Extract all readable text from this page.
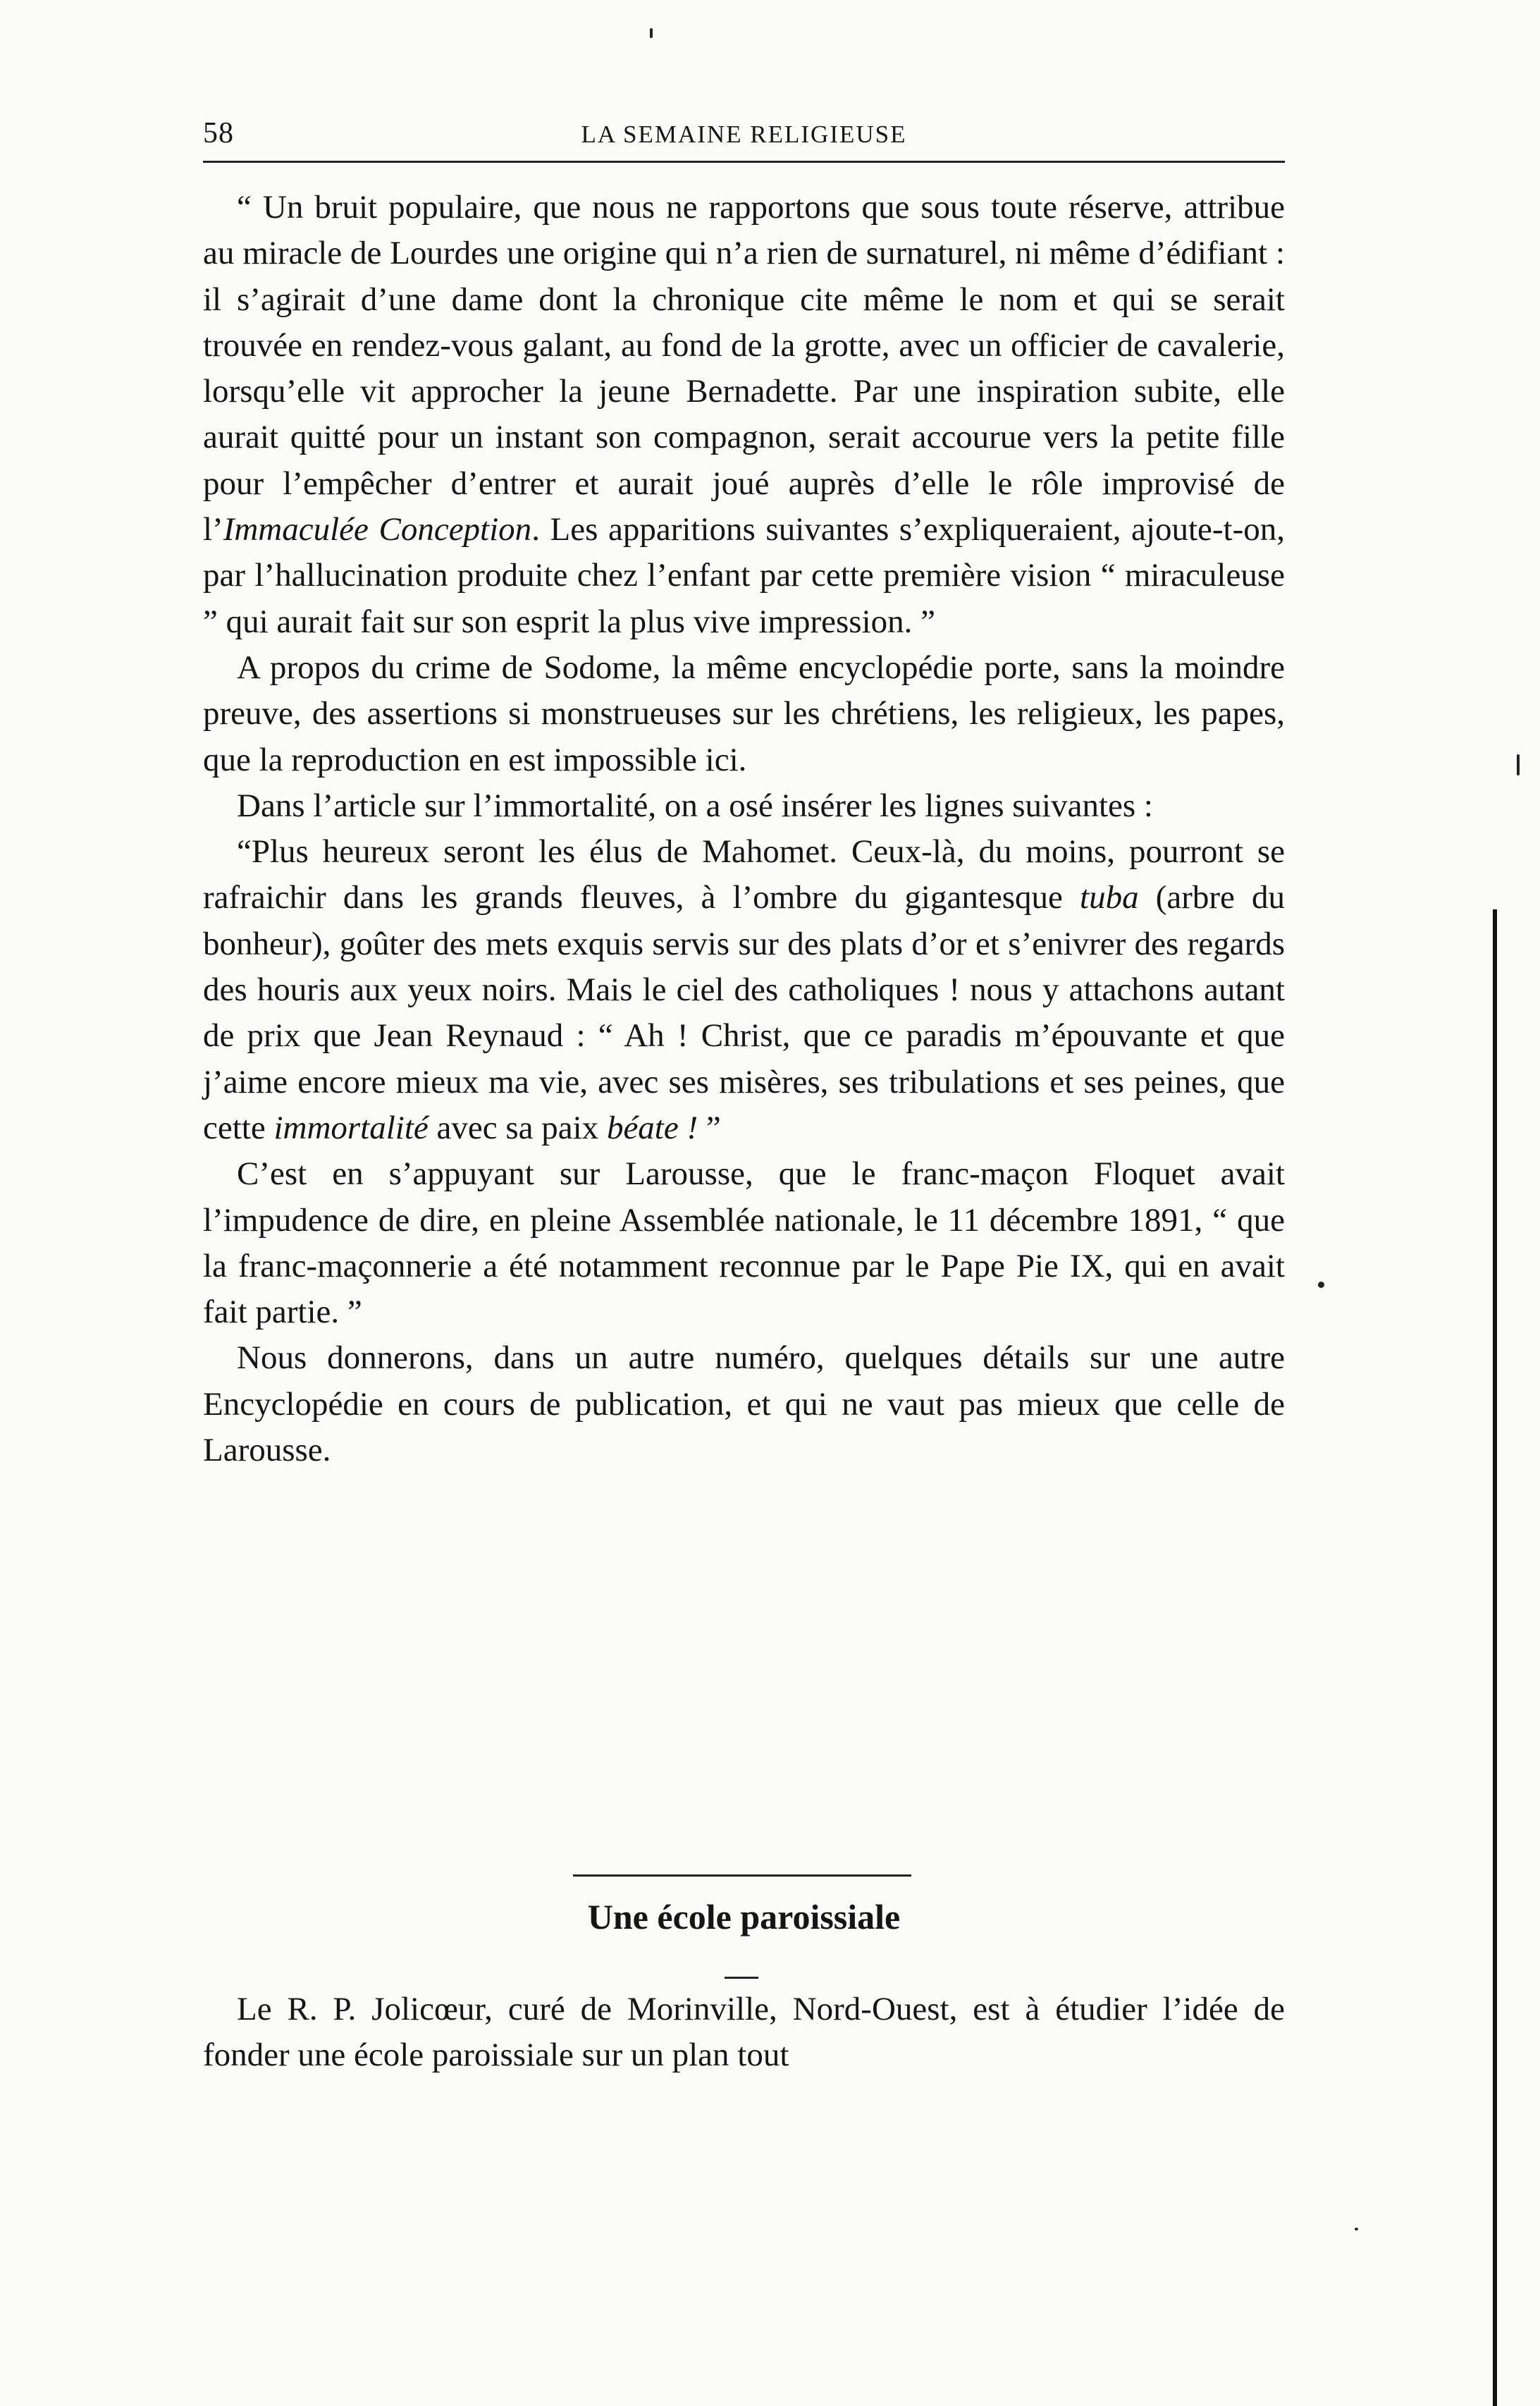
58	LA SEMAINE RELIGIEUSE

“ Un bruit populaire, que nous ne rapportons que sous toute réserve, attribue au miracle de Lourdes une origine qui n’a rien de surnaturel, ni même d’édifiant : il s’agirait d’une dame dont la chronique cite même le nom et qui se serait trouvée en rendez-vous galant, au fond de la grotte, avec un officier de cavalerie, lorsqu’elle vit approcher la jeune Bernadette. Par une inspiration subite, elle aurait quitté pour un instant son compagnon, serait accourue vers la petite fille pour l’empêcher d’entrer et aurait joué auprès d’elle le rôle improvisé de l’Immaculée Conception. Les apparitions suivantes s’expliqueraient, ajoute-t-on, par l’hallucination produite chez l’enfant par cette première vision “ miraculeuse ” qui aurait fait sur son esprit la plus vive impression. ”

A propos du crime de Sodome, la même encyclopédie porte, sans la moindre preuve, des assertions si monstrueuses sur les chrétiens, les religieux, les papes, que la reproduction en est impossible ici.

Dans l’article sur l’immortalité, on a osé insérer les lignes suivantes :

“Plus heureux seront les élus de Mahomet. Ceux-là, du moins, pourront se rafraichir dans les grands fleuves, à l’ombre du gigantesque tuba (arbre du bonheur), goûter des mets exquis servis sur des plats d’or et s’enivrer des regards des houris aux yeux noirs. Mais le ciel des catholiques ! nous y attachons autant de prix que Jean Reynaud : “ Ah ! Christ, que ce paradis m’épouvante et que j’aime encore mieux ma vie, avec ses misères, ses tribulations et ses peines, que cette immortalité avec sa paix béate ! ”

C’est en s’appuyant sur Larousse, que le franc-maçon Floquet avait l’impudence de dire, en pleine Assemblée nationale, le 11 décembre 1891, “ que la franc-maçonnerie a été notamment reconnue par le Pape Pie IX, qui en avait fait partie. ”

Nous donnerons, dans un autre numéro, quelques détails sur une autre Encyclopédie en cours de publication, et qui ne vaut pas mieux que celle de Larousse.

Une école paroissiale

Le R. P. Jolicœur, curé de Morinville, Nord-Ouest, est à étudier l’idée de fonder une école paroissiale sur un plan tout
